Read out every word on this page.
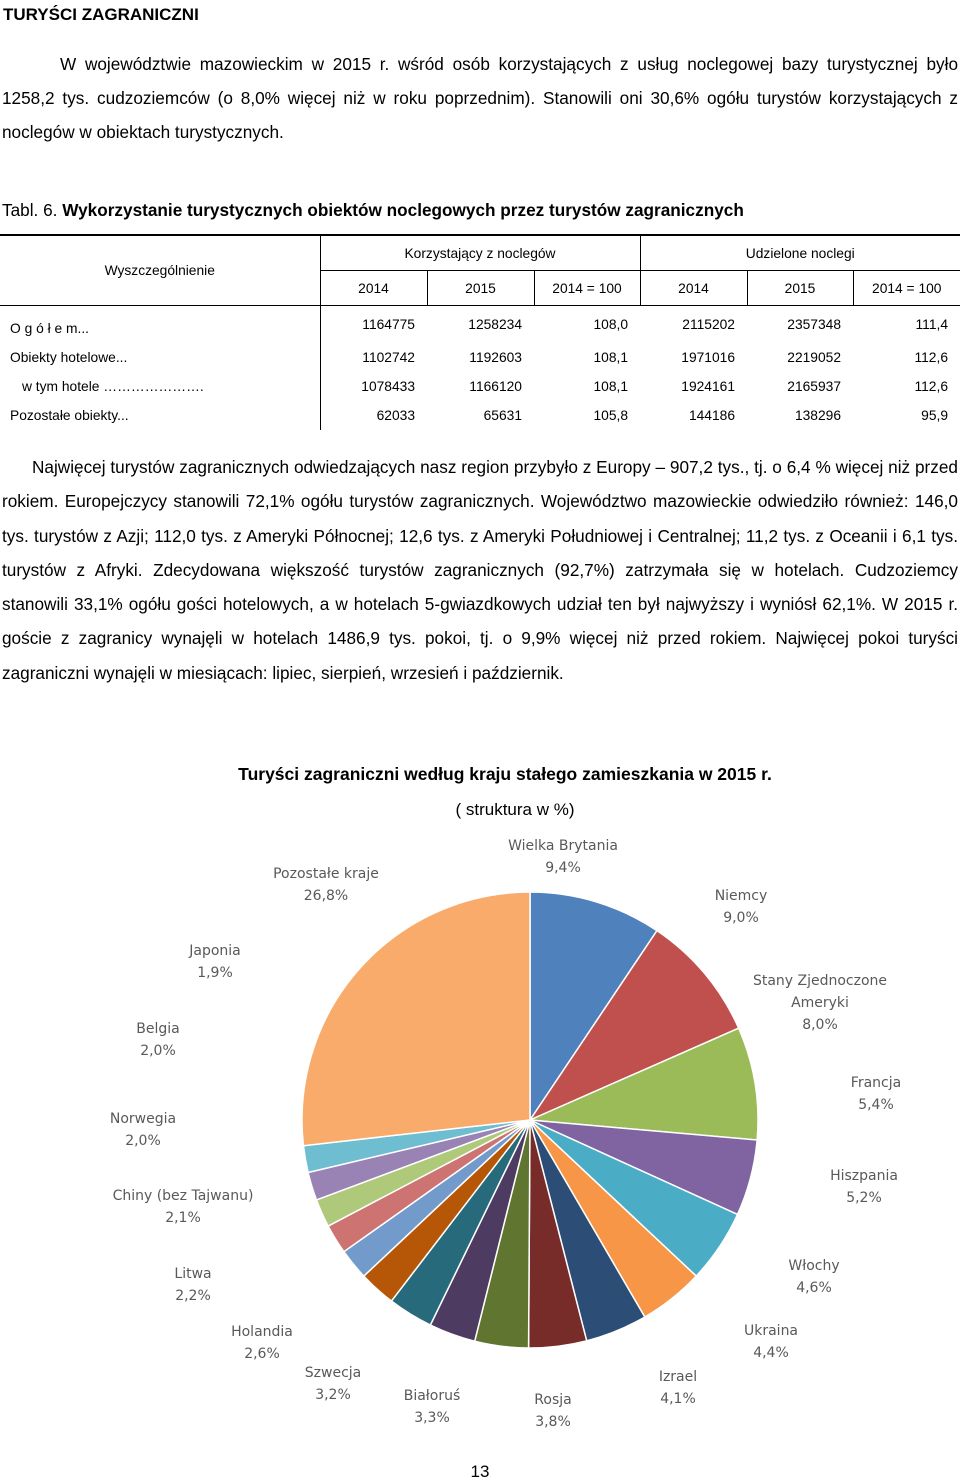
TURYŚCI ZAGRANICZNI
W województwie mazowieckim w 2015 r. wśród osób korzystających z usług noclegowej bazy turystycznej było 1258,2 tys. cudzoziemców (o 8,0% więcej niż w roku poprzednim). Stanowili oni 30,6% ogółu turystów korzystających z noclegów w obiektach turystycznych.
Tabl. 6. Wykorzystanie turystycznych obiektów noclegowych przez turystów zagranicznych
Wyszczególnienie	Korzystający z noclegów			Udzielone noclegi		
	2014	2015	2014 = 100	2014	2015	2014 = 100
O g ó ł e m...	1164775	1258234	108,0	2115202	2357348	111,4
Obiekty hotelowe...	1102742	1192603	108,1	1971016	2219052	112,6
w tym hotele ………………….	1078433	1166120	108,1	1924161	2165937	112,6
Pozostałe obiekty...	62033	65631	105,8	144186	138296	95,9
Najwięcej turystów zagranicznych odwiedzających nasz region przybyło z Europy – 907,2 tys., tj. o 6,4 % więcej niż przed rokiem. Europejczycy stanowili 72,1% ogółu turystów zagranicznych. Województwo mazowieckie odwiedziło również: 146,0 tys. turystów z Azji; 112,0 tys. z Ameryki Północnej; 12,6 tys. z Ameryki Południowej i Centralnej; 11,2 tys. z Oceanii i 6,1 tys. turystów z Afryki. Zdecydowana większość turystów zagranicznych (92,7%) zatrzymała się w hotelach. Cudzoziemcy stanowili 33,1% ogółu gości hotelowych, a w hotelach 5-gwiazdkowych udział ten był najwyższy i wyniósł 62,1%. W 2015 r. goście z zagranicy wynajęli w hotelach 1486,9 tys. pokoi, tj. o 9,9% więcej niż przed rokiem. Najwięcej pokoi turyści zagraniczni wynajęli w miesiącach: lipiec, sierpień, wrzesień i październik.
Wielka Brytania 9,4%
Niemcy 9,0%
Stany Zjednoczone Ameryki 8,0%
Francja 5,4%
Hiszpania 5,2%
Włochy 4,6%
Ukraina 4,4%
Izrael 4,1%
Rosja 3,8%
Białoruś 3,3%
Szwecja 3,2%
Holandia 2,6%
Litwa 2,2%
Chiny (bez Tajwanu) 2,1%
Norwegia 2,0%
Belgia 2,0%
Japonia 1,9%
Pozostałe kraje 26,8%
Turyści zagraniczni według kraju stałego zamieszkania w 2015 r.
( struktura w %)
13
